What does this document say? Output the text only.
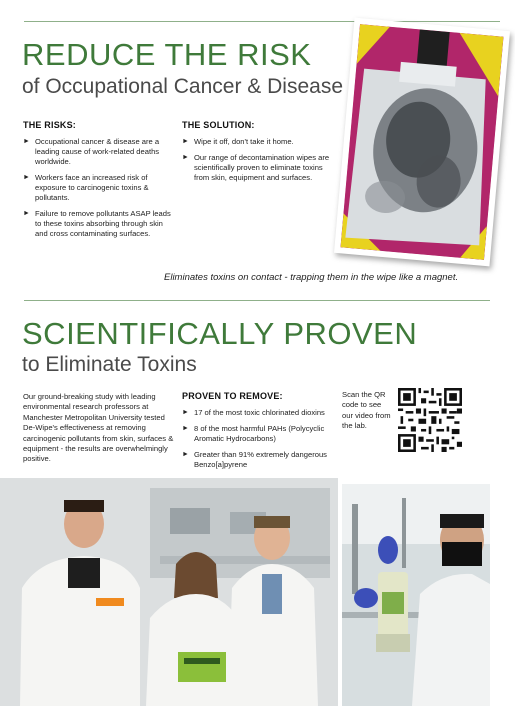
REDUCE THE RISK
of Occupational Cancer & Disease
THE RISKS:
► Occupational cancer & disease are a leading cause of work-related deaths worldwide.
► Workers face an increased risk of exposure to carcinogenic toxins & pollutants.
► Failure to remove pollutants ASAP leads to these toxins absorbing through skin and cross contaminating surfaces.
THE SOLUTION:
► Wipe it off, don't take it home.
► Our range of decontamination wipes are scientifically proven to eliminate toxins from skin, equipment and surfaces.
Eliminates toxins on contact - trapping them in the wipe like a magnet.
SCIENTIFICALLY PROVEN
to Eliminate Toxins
Our ground-breaking study with leading environmental research professors at Manchester Metropolitan University tested De-Wipe's effectiveness at removing carcinogenic pollutants from skin, surfaces & equipment - the results are overwhelmingly positive.
PROVEN TO REMOVE:
► 17 of the most toxic chlorinated dioxins
► 8 of the most harmful PAHs (Polycyclic Aromatic Hydrocarbons)
► Greater than 91% extremely dangerous Benzo[a]pyrene
Scan the QR code to see our video from the lab.
